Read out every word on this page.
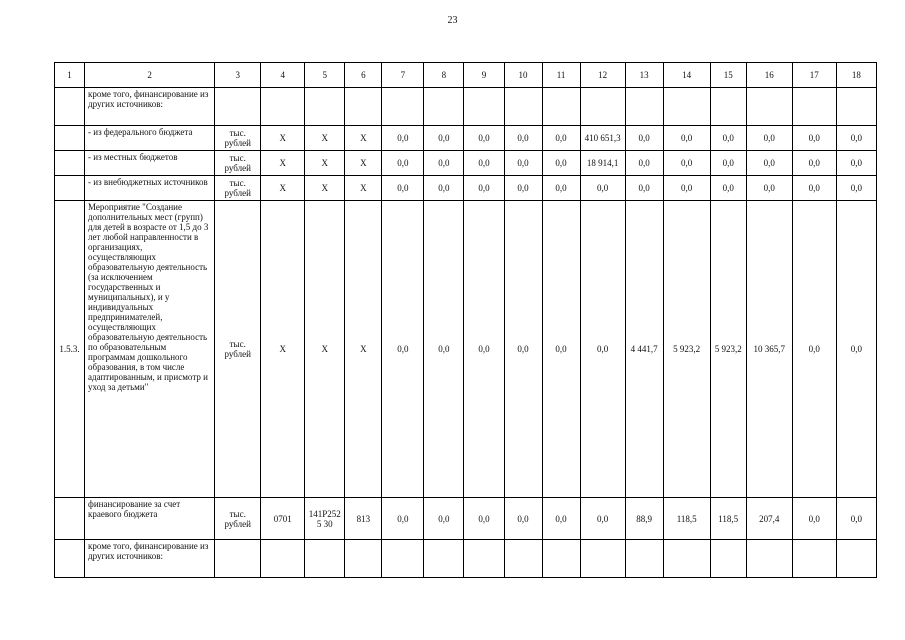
23
1	2	3	4	5	6	7	8	9	10	11	12	13	14	15	16	17	18
	кроме того, финансирование из других источников:																
	- из федерального бюджета	тыс. рублей	Х	Х	Х	0,0	0,0	0,0	0,0	0,0	410 651,3	0,0	0,0	0,0	0,0	0,0	0,0
	- из местных бюджетов	тыс. рублей	Х	Х	Х	0,0	0,0	0,0	0,0	0,0	18 914,1	0,0	0,0	0,0	0,0	0,0	0,0
	- из внебюджетных источников	тыс. рублей	Х	Х	Х	0,0	0,0	0,0	0,0	0,0	0,0	0,0	0,0	0,0	0,0	0,0	0,0
1.5.3.	Мероприятие "Создание дополнительных мест (групп) для детей в возрасте от 1,5 до 3 лет любой направленности в организациях, осуществляющих образовательную деятельность (за исключением государственных и муниципальных), и у индивидуальных предпринимателей, осуществляющих образовательную деятельность по образовательным программам дошкольного образования, в том числе адаптированным, и присмотр и уход за детьми"	тыс. рублей	Х	Х	Х	0,0	0,0	0,0	0,0	0,0	0,0	4 441,7	5 923,2	5 923,2	10 365,7	0,0	0,0
	финансирование за счет краевого бюджета	тыс. рублей	0701	141Р2525 30	813	0,0	0,0	0,0	0,0	0,0	0,0	88,9	118,5	118,5	207,4	0,0	0,0
	кроме того, финансирование из других источников:																
